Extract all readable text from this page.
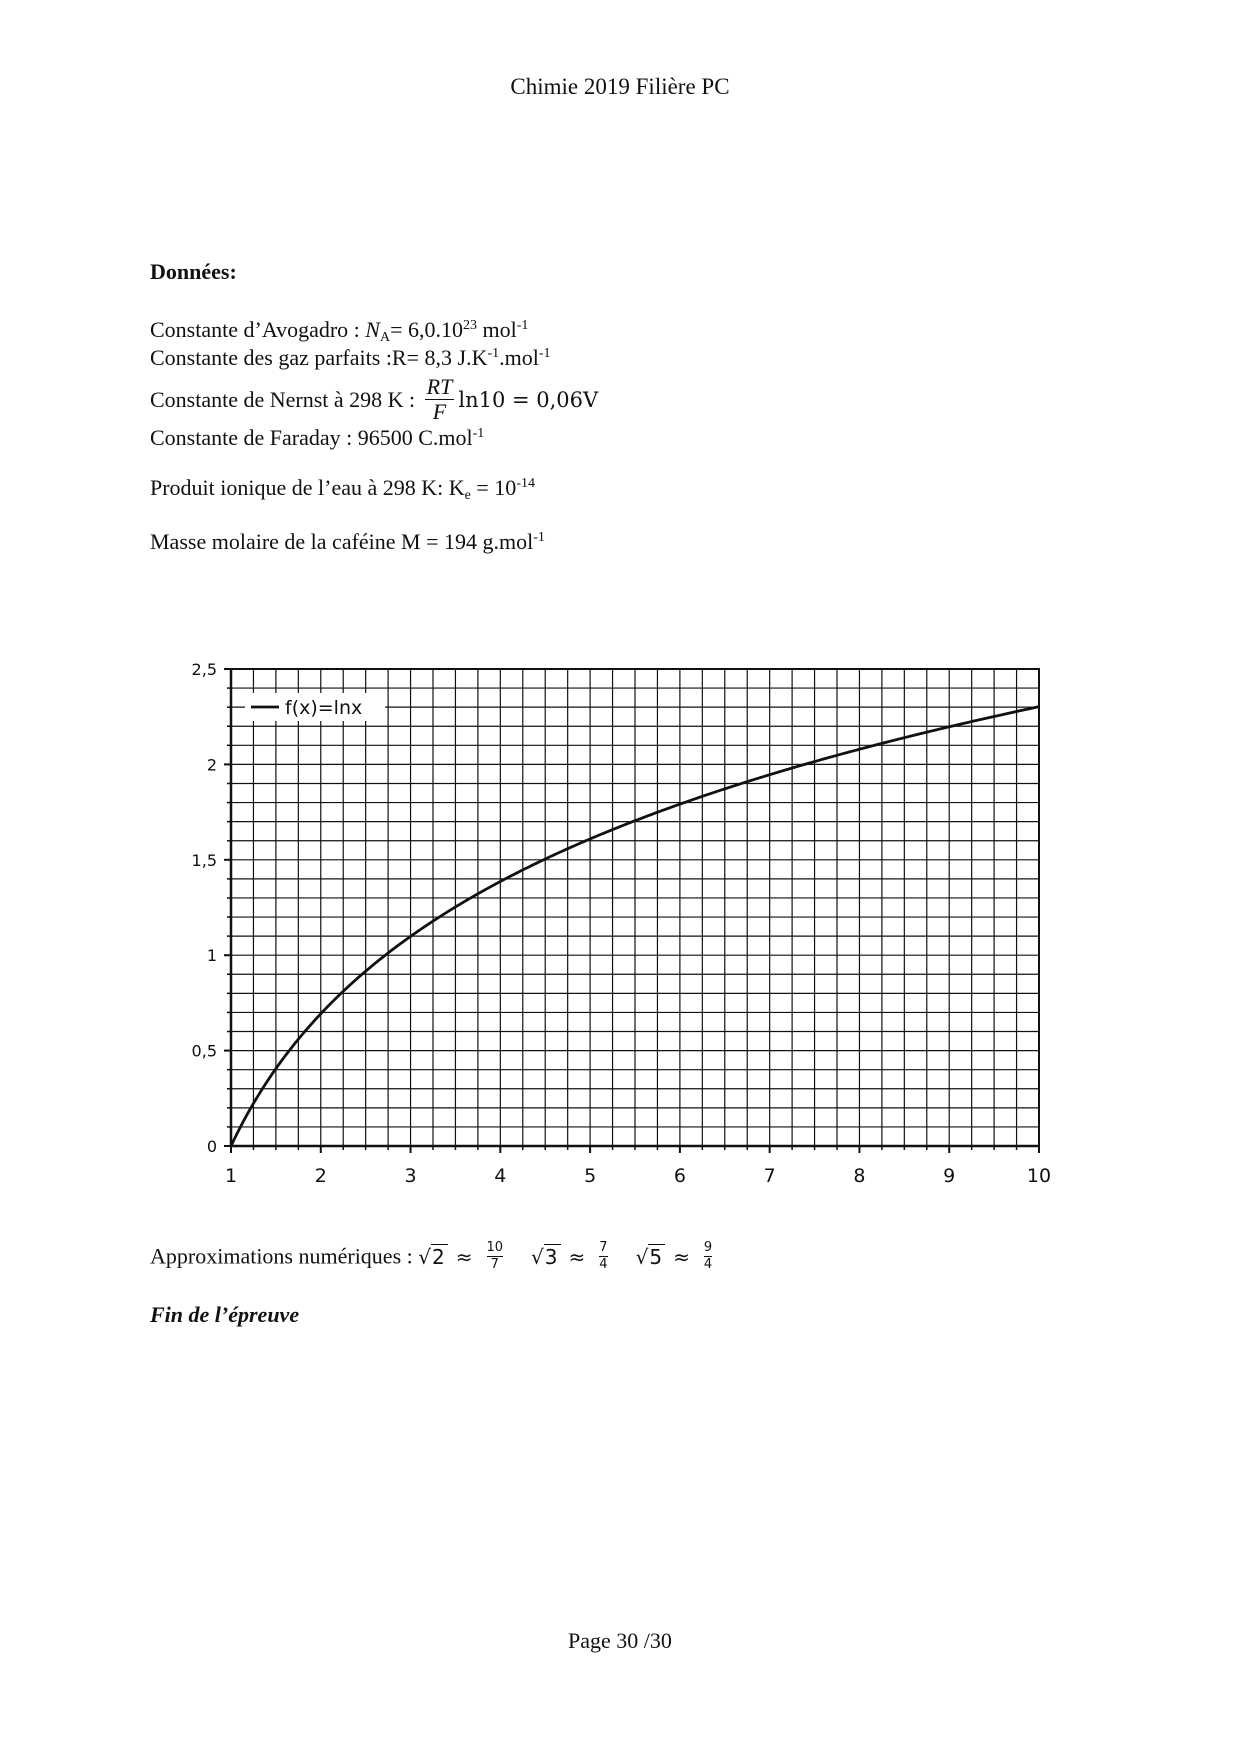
Chimie 2019 Filière PC
Données:
Constante d’Avogadro : $N_A= 6,0.10^{23}$ mol$^{-1}$
Constante des gaz parfaits :R= 8,3 $J.K^{-1}.mol^{-1}$
Constante de Nernst à 298 K : $\frac{RT}{F} \ln 10 = 0,06V$
Constante de Faraday : 96500 C.mol$^{-1}$
Produit ionique de l’eau à 298 K: $K_e = 10^{-14}$
Masse molaire de la caféine M = 194 g.mol$^{-1}$
1	2	3	4	5	6	7	8	9	10
0
0,5
1
1,5
2
2,5
f(x)=lnx
Approximations numériques : $√2 \approx \frac{10}{7} √3 \approx \frac{7}{4} √5 \approx \frac{9}{4}$
Fin de l’épreuve
Page 30 /30
